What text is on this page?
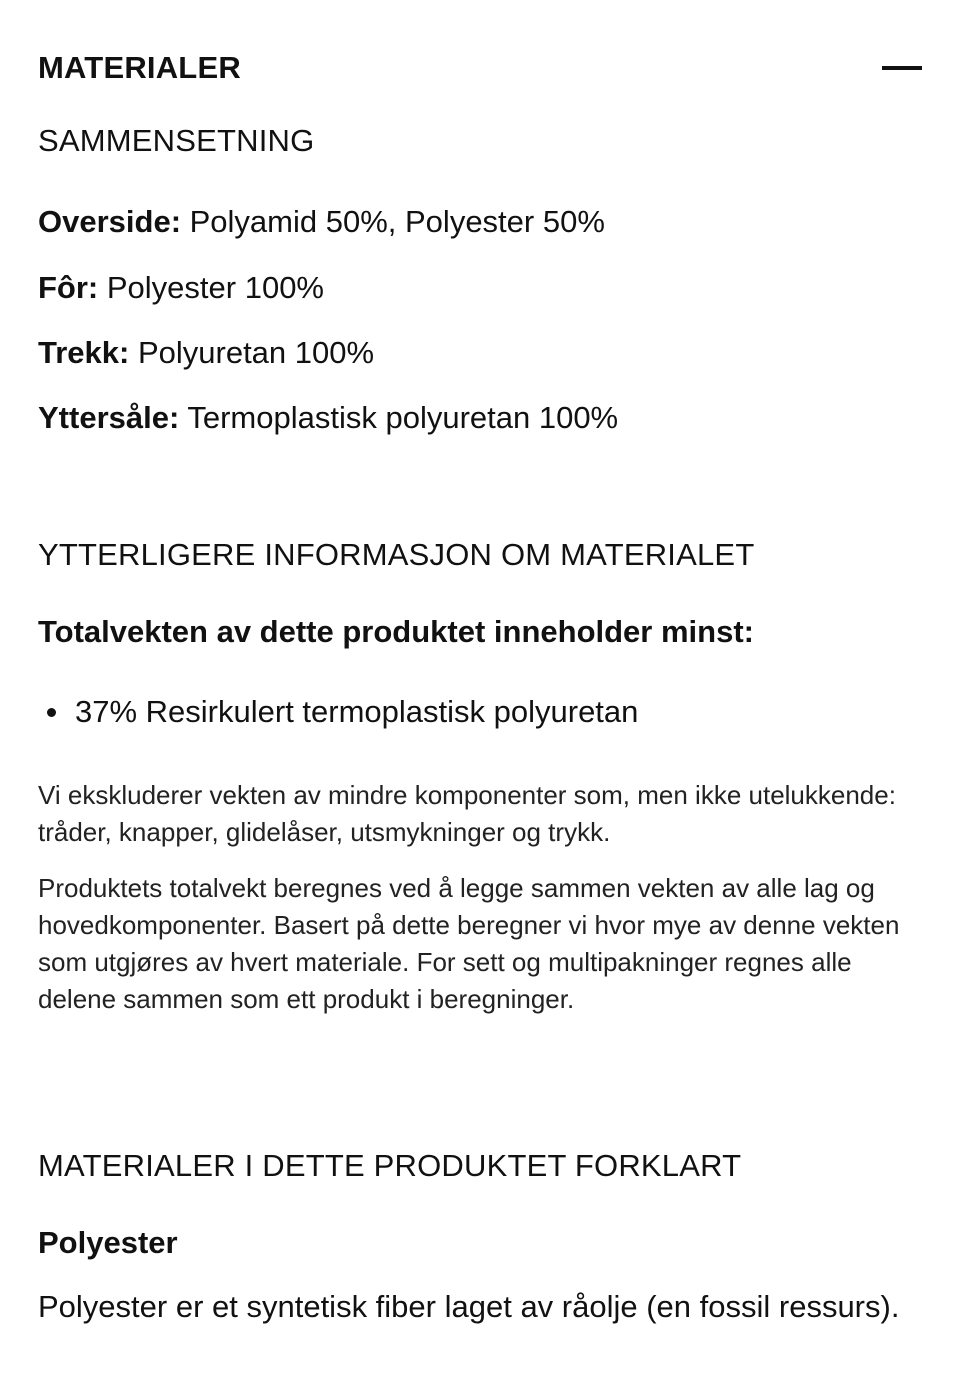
MATERIALER
SAMMENSETNING
Overside: Polyamid 50%, Polyester 50%
Fôr: Polyester 100%
Trekk: Polyuretan 100%
Yttersåle: Termoplastisk polyuretan 100%
YTTERLIGERE INFORMASJON OM MATERIALET
Totalvekten av dette produktet inneholder minst:
37% Resirkulert termoplastisk polyuretan
Vi ekskluderer vekten av mindre komponenter som, men ikke utelukkende: tråder, knapper, glidelåser, utsmykninger og trykk.
Produktets totalvekt beregnes ved å legge sammen vekten av alle lag og hovedkomponenter. Basert på dette beregner vi hvor mye av denne vekten som utgjøres av hvert materiale. For sett og multipakninger regnes alle delene sammen som ett produkt i beregninger.
MATERIALER I DETTE PRODUKTET FORKLART
Polyester
Polyester er et syntetisk fiber laget av råolje (en fossil ressurs).
